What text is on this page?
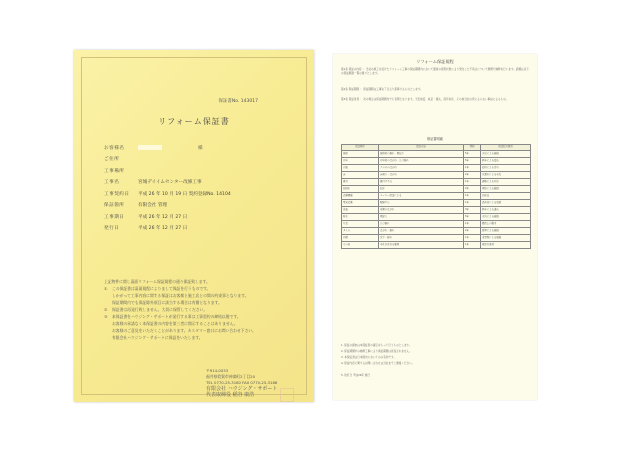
保証書No. 143017
リフォーム保証書
お客様名	様
ご住所
工事場所
工事名	宮城デイイムセンター改修工事
工事契約日	平成 26 年 10 月 19 日 契約登録No. 14104
保証箇所	有限会社 管理
工事期日	平成 26 年 12 月 27 日
発行日	平成 26 年 12 月 27 日
上記物件に関し裏面リフォーム保証規程の通り保証致します。
①	この保証書は裏面規程によりまして保証を行うものです。
しかがって工事内容に関する保証はお客様と施工店との間の約束事となります。
保証期間内でも保証除外項目に該当する場合は有償となります。
②	保証書は再発行致しません。大切に保管してください。
③	本保証書をハウジング・サポートが発行する事は工事契約の締結以後です。
お客様の承諾なく本保証書の内容を第三者に開示することはありません。
お客様のご意見をいただくことがあります。カスタマー窓口にお問い合わせ下さい。
有限会社ハウジング・サポートに保証をいたします。
〒914-0033
福井県敦賀市神楽町2丁目20
TEL 0770-25-3180 FAX 0770-25-3186
有限会社 ハウジング・サポート
代表取締役 稲谷 康浩
リフォーム保証規程
第1条 保証の内容 ： 当社の施工を受けたリフォーム工事の保証期間内において通常の使用状態により発生した不具合について無償で補修を行います。詳細は以下の保証範囲一覧の通りとします。
第2条 保証期間 ： 保証期間は工事完了日より起算するものとします。
第3条 保証免責 ： 次の場合は保証期間内でも有償となります。天災地変、故意・過失、経年劣化、その他当社の責によらない事由によるもの。
保証書明細
保証箇所	保証内容	期間	保証除外事項
屋根	屋根材の割れ・雨漏り	5年	天災による破損
外壁	外壁材のはがれ・ひび割れ	5年	経年による変色
内装	クロスのはがれ	1年	使用による汚れ
床	床鳴り・はがれ	2年	水濡れによる劣化
建具	建付け不良	1年	調整による対応
給排水	漏水	2年	凍結による破損
設備機器	メーカー保証による	1年	消耗品
電気設備	配線不良	1年	過負荷による故障
塗装	塗膜のはがれ	3年	経年による退色
防水	雨漏り	5年	天災による破損
左官	ひび割れ	1年	構造上の動き
タイル	はがれ・割れ	2年	衝撃による破損
外構	沈下・割れ	1年	重量物による破損
その他	当社が定める範囲	1年	規定外事項
1. 保証の請求は本保証書の提示をもって行うものとします。
2. 保証期間中の補修工事により保証期間は延長されません。
3. 本保証書は日本国内においてのみ有効です。
4. 保証内容に関するお問い合わせは当社までご連絡ください。
5. 改訂日 平成26年 施行
